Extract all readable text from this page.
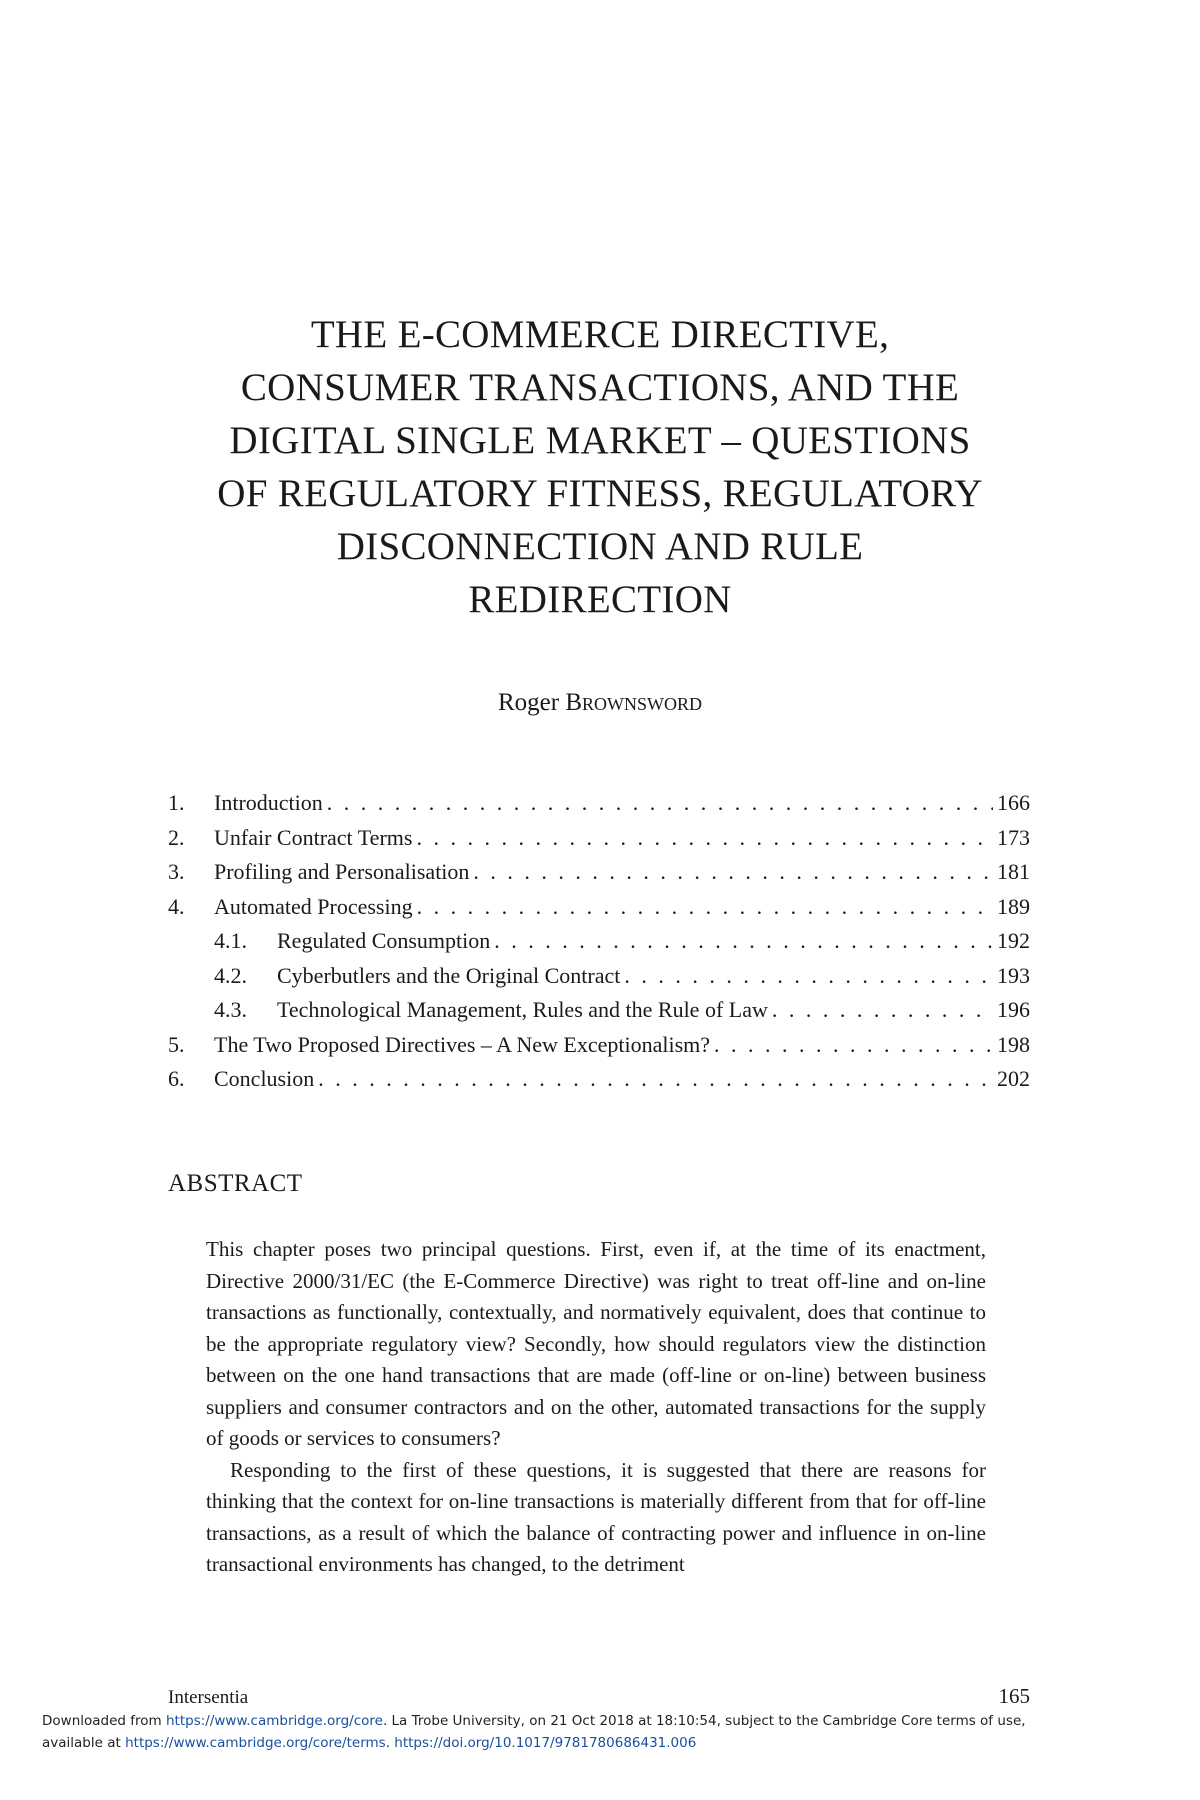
THE E-COMMERCE DIRECTIVE,
CONSUMER TRANSACTIONS, AND THE
DIGITAL SINGLE MARKET – QUESTIONS
OF REGULATORY FITNESS, REGULATORY
DISCONNECTION AND RULE
REDIRECTION
Roger Brownsword
1.	Introduction . . .	166
2.	Unfair Contract Terms . . .	173
3.	Profiling and Personalisation . . .	181
4.	Automated Processing . . .	189
4.1.	Regulated Consumption . . .	192
4.2.	Cyberbutlers and the Original Contract . . .	193
4.3.	Technological Management, Rules and the Rule of Law . . .	196
5.	The Two Proposed Directives – A New Exceptionalism? . . .	198
6.	Conclusion . . .	202
ABSTRACT

This chapter poses two principal questions. First, even if, at the time of its enactment, Directive 2000/31/EC (the E-Commerce Directive) was right to treat off-line and on-line transactions as functionally, contextually, and normatively equivalent, does that continue to be the appropriate regulatory view? Secondly, how should regulators view the distinction between on the one hand transactions that are made (off-line or on-line) between business suppliers and consumer contractors and on the other, automated transactions for the supply of goods or services to consumers?

Responding to the first of these questions, it is suggested that there are reasons for thinking that the context for on-line transactions is materially different from that for off-line transactions, as a result of which the balance of contracting power and influence in on-line transactional environments has changed, to the detriment

Intersentia	165
Downloaded from https://www.cambridge.org/core. La Trobe University, on 21 Oct 2018 at 18:10:54, subject to the Cambridge Core terms of use,
available at https://www.cambridge.org/core/terms. https://doi.org/10.1017/9781780686431.006
